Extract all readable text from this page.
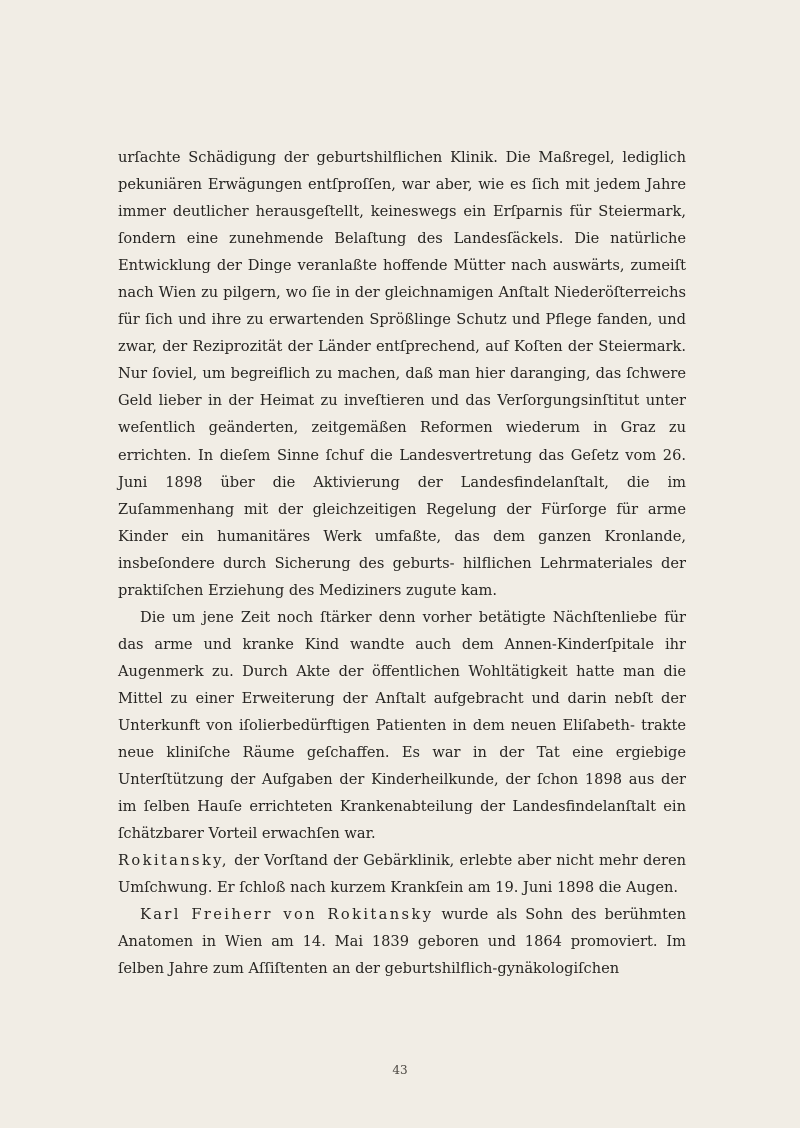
urſachte Schädigung der geburtshilflichen Klinik. Die Maßregel, lediglich pekuniären Erwägungen entſproſſen, war aber, wie es ſich mit jedem Jahre immer deutlicher herausgeſtellt, keineswegs ein Erſparnis für Steiermark, ſondern eine zunehmende Belaſtung des Landesſäckels. Die natürliche Entwicklung der Dinge veranlaßte hoffende Mütter nach auswärts, zumeiſt nach Wien zu pilgern, wo ſie in der gleichnamigen Anſtalt Niederöſterreichs für ſich und ihre zu erwartenden Sprößlinge Schutz und Pflege fanden, und zwar, der Reziprozität der Länder entſprechend, auf Koſten der Steiermark. Nur ſoviel, um begreiflich zu machen, daß man hier daranging, das ſchwere Geld lieber in der Heimat zu inveſtieren und das Verſorgungsinſtitut unter weſentlich geänderten, zeitgemäßen Reformen wiederum in Graz zu errichten. In dieſem Sinne ſchuf die Landesvertretung das Geſetz vom 26. Juni 1898 über die Aktivierung der Landesfindelanſtalt, die im Zuſammenhang mit der gleichzeitigen Regelung der Fürſorge für arme Kinder ein humanitäres Werk umfaßte, das dem ganzen Kronlande, insbeſondere durch Sicherung des geburts‑ hilflichen Lehrmateriales der praktiſchen Erziehung des Mediziners zugute kam.

Die um jene Zeit noch ſtärker denn vorher betätigte Nächſtenliebe für das arme und kranke Kind wandte auch dem Annen‑Kinderſpitale ihr Augenmerk zu. Durch Akte der öffentlichen Wohltätigkeit hatte man die Mittel zu einer Erweiterung der Anſtalt aufgebracht und darin nebſt der Unterkunft von iſolierbedürftigen Patienten in dem neuen Eliſabeth‑ trakte neue kliniſche Räume geſchaffen. Es war in der Tat eine ergiebige Unterſtützung der Aufgaben der Kinderheilkunde, der ſchon 1898 aus der im ſelben Hauſe errichteten Krankenabteilung der Landesfindelanſtalt ein ſchätzbarer Vorteil erwachſen war.

Rokitansky, der Vorſtand der Gebärklinik, erlebte aber nicht mehr deren Umſchwung. Er ſchloß nach kurzem Krankſein am 19. Juni 1898 die Augen.

Karl Freiherr von Rokitansky wurde als Sohn des berühmten Anatomen in Wien am 14. Mai 1839 geboren und 1864 promoviert. Im ſelben Jahre zum Aſſiſtenten an der geburtshilflich‑gynäkologiſchen

43
